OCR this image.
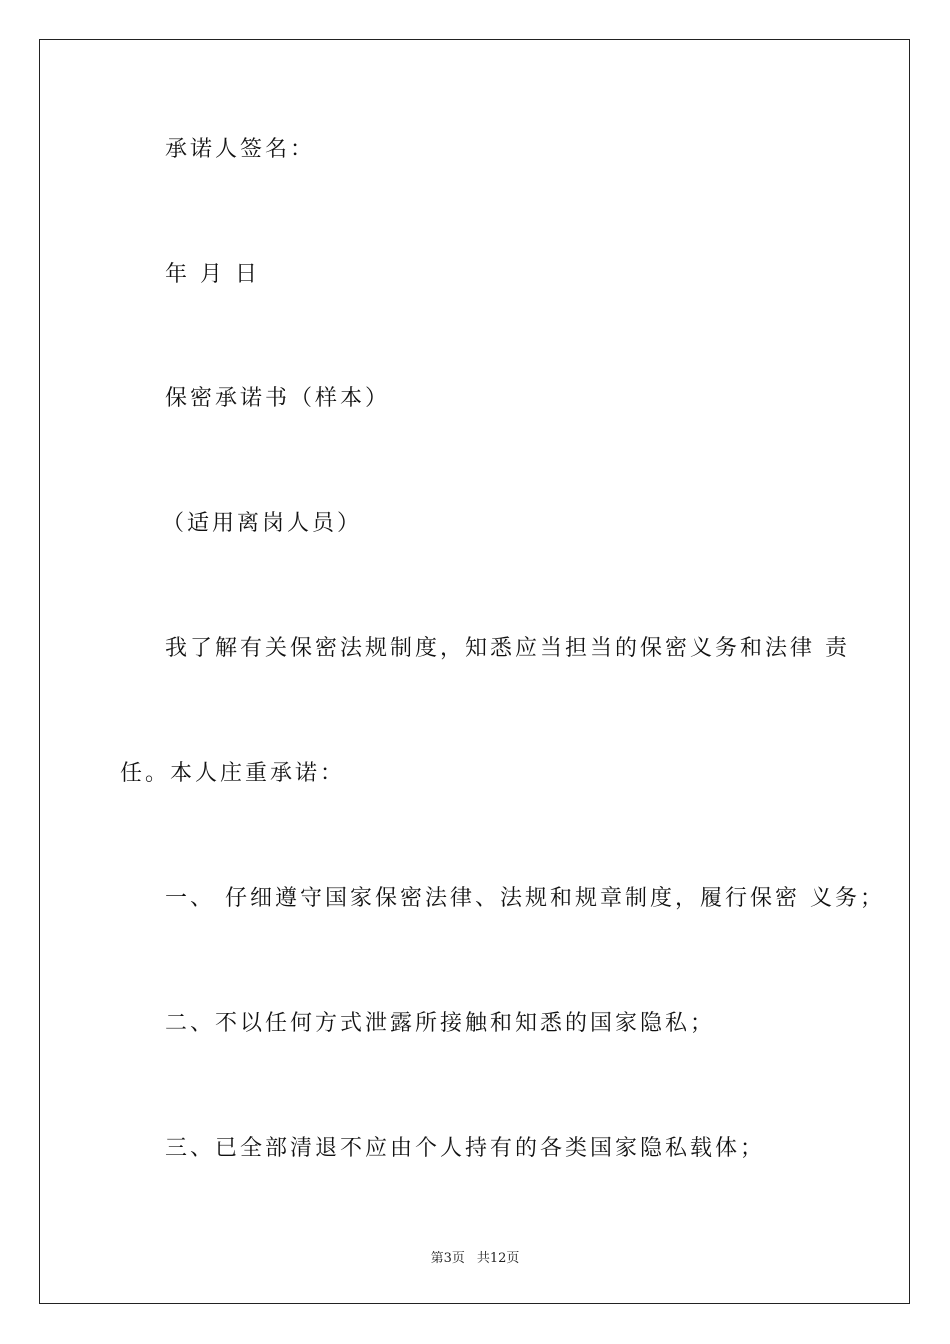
承诺人签名：
年 月 日
保密承诺书（样本）
（适用离岗人员）
我了解有关保密法规制度，知悉应当担当的保密义务和法律 责
任。本人庄重承诺：
一、 仔细遵守国家保密法律、法规和规章制度，履行保密 义务；
二、不以任何方式泄露所接触和知悉的国家隐私；
三、已全部清退不应由个人持有的各类国家隐私载体；
第3页 共12页
